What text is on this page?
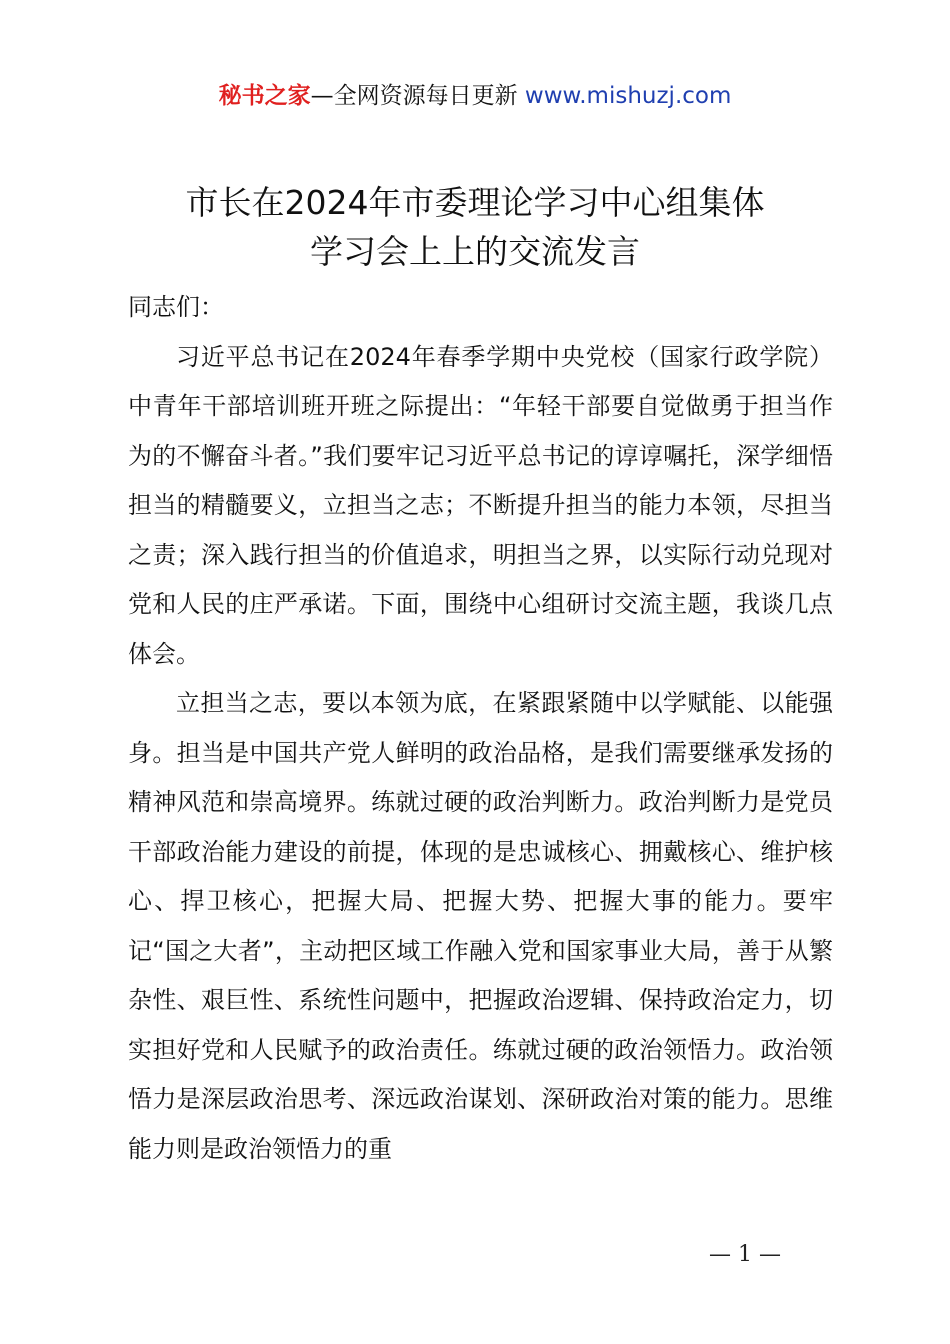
秘书之家—全网资源每日更新 www.mishuzj.com
市长在2024年市委理论学习中心组集体
学习会上上的交流发言

同志们：

习近平总书记在2024年春季学期中央党校（国家行政学院）中青年干部培训班开班之际提出：“年轻干部要自觉做勇于担当作为的不懈奋斗者。”我们要牢记习近平总书记的谆谆嘱托，深学细悟担当的精髓要义，立担当之志；不断提升担当的能力本领，尽担当之责；深入践行担当的价值追求，明担当之界，以实际行动兑现对党和人民的庄严承诺。下面，围绕中心组研讨交流主题，我谈几点体会。

立担当之志，要以本领为底，在紧跟紧随中以学赋能、以能强身。担当是中国共产党人鲜明的政治品格，是我们需要继承发扬的精神风范和崇高境界。练就过硬的政治判断力。政治判断力是党员干部政治能力建设的前提，体现的是忠诚核心、拥戴核心、维护核心、捍卫核心，把握大局、把握大势、把握大事的能力。要牢记“国之大者”，主动把区域工作融入党和国家事业大局，善于从繁杂性、艰巨性、系统性问题中，把握政治逻辑、保持政治定力，切实担好党和人民赋予的政治责任。练就过硬的政治领悟力。政治领悟力是深层政治思考、深远政治谋划、深研政治对策的能力。思维能力则是政治领悟力的重

— 1 —
